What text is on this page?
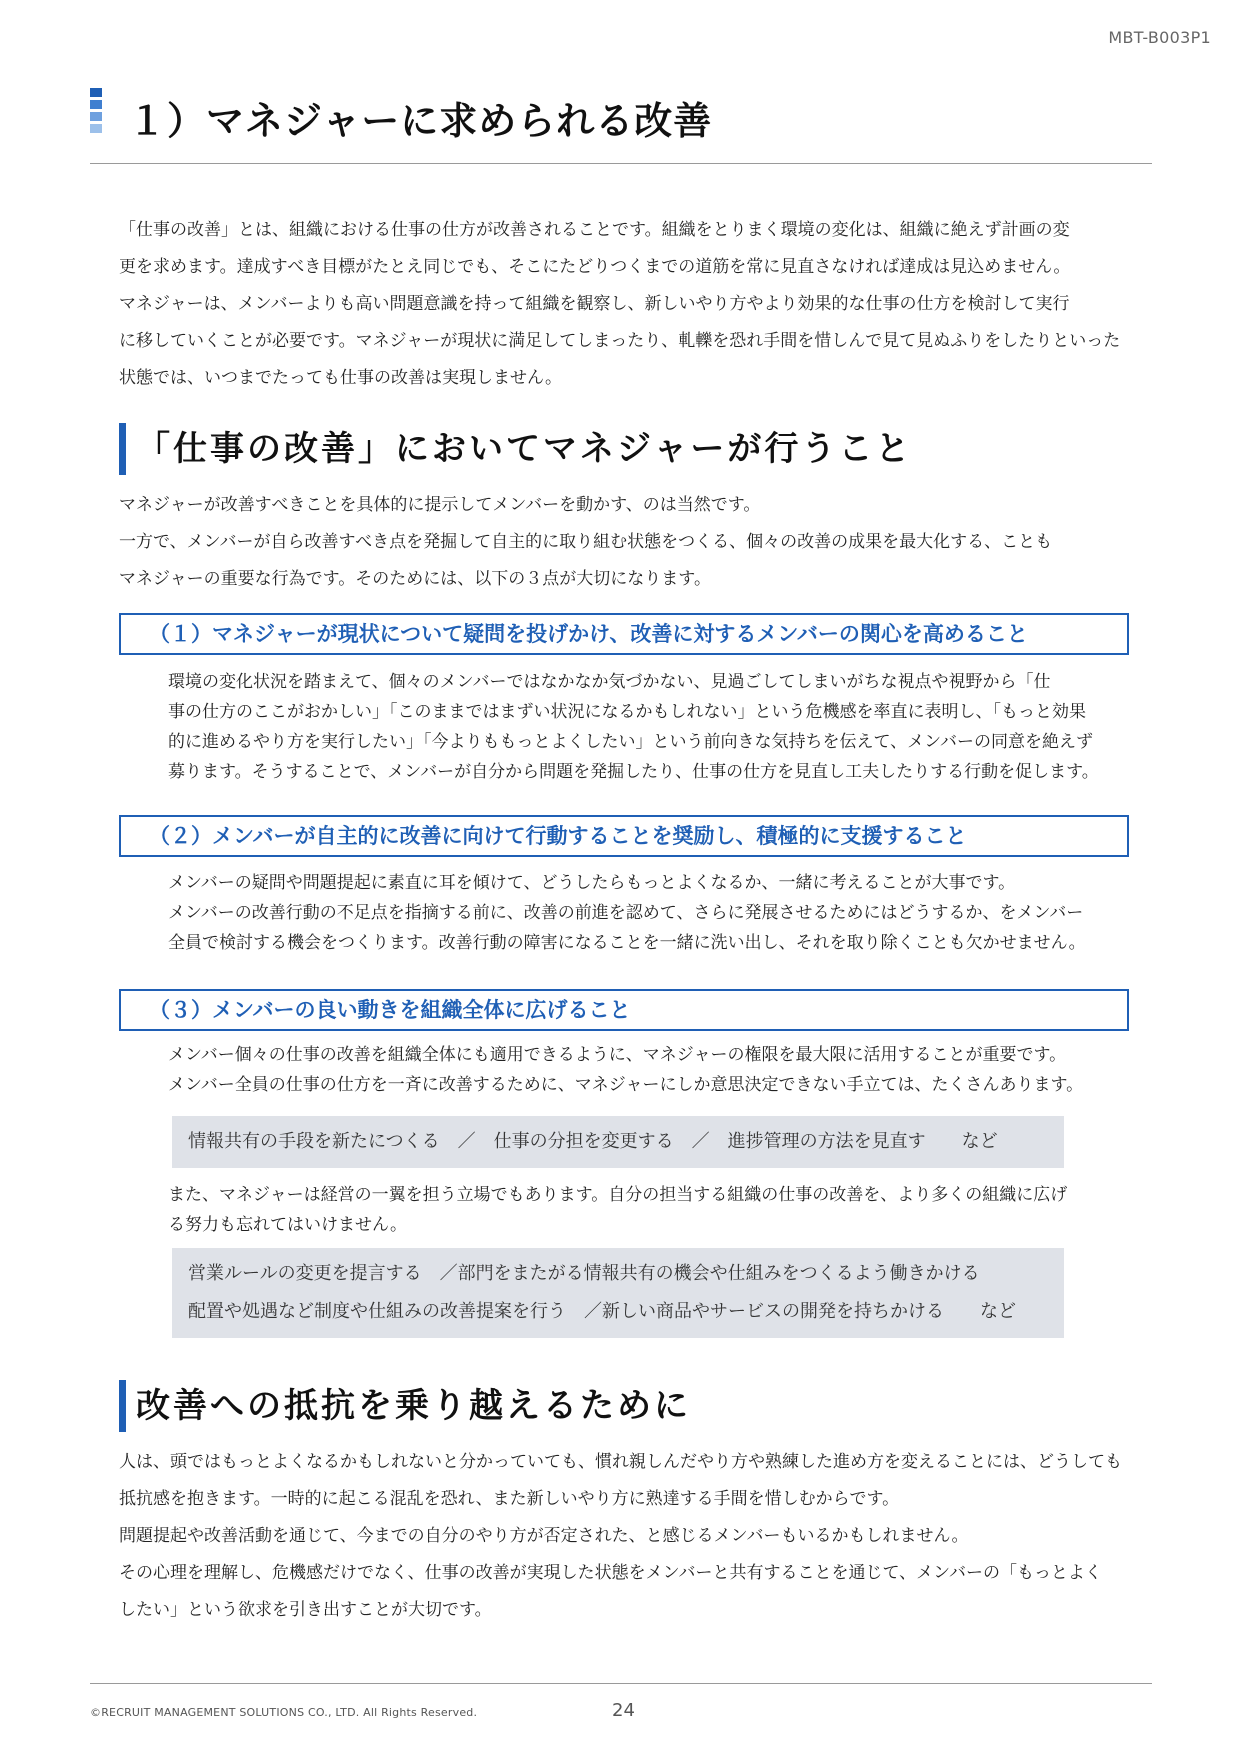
MBT-B003P1
１）マネジャーに求められる改善

「仕事の改善」とは、組織における仕事の仕方が改善されることです。組織をとりまく環境の変化は、組織に絶えず計画の変

更を求めます。達成すべき目標がたとえ同じでも、そこにたどりつくまでの道筋を常に見直さなければ達成は見込めません。

マネジャーは、メンバーよりも高い問題意識を持って組織を観察し、新しいやり方やより効果的な仕事の仕方を検討して実行

に移していくことが必要です。マネジャーが現状に満足してしまったり、軋轢を恐れ手間を惜しんで見て見ぬふりをしたりといった

状態では、いつまでたっても仕事の改善は実現しません。

「仕事の改善」においてマネジャーが行うこと

マネジャーが改善すべきことを具体的に提示してメンバーを動かす、のは当然です。

一方で、メンバーが自ら改善すべき点を発掘して自主的に取り組む状態をつくる、個々の改善の成果を最大化する、ことも

マネジャーの重要な行為です。そのためには、以下の３点が大切になります。

（１）マネジャーが現状について疑問を投げかけ、改善に対するメンバーの関心を高めること

環境の変化状況を踏まえて、個々のメンバーではなかなか気づかない、見過ごしてしまいがちな視点や視野から「仕

事の仕方のここがおかしい」「このままではまずい状況になるかもしれない」という危機感を率直に表明し、「もっと効果

的に進めるやり方を実行したい」「今よりももっとよくしたい」という前向きな気持ちを伝えて、メンバーの同意を絶えず

募ります。そうすることで、メンバーが自分から問題を発掘したり、仕事の仕方を見直し工夫したりする行動を促します。

（２）メンバーが自主的に改善に向けて行動することを奨励し、積極的に支援すること

メンバーの疑問や問題提起に素直に耳を傾けて、どうしたらもっとよくなるか、一緒に考えることが大事です。

メンバーの改善行動の不足点を指摘する前に、改善の前進を認めて、さらに発展させるためにはどうするか、をメンバー

全員で検討する機会をつくります。改善行動の障害になることを一緒に洗い出し、それを取り除くことも欠かせません。

（３）メンバーの良い動きを組織全体に広げること

メンバー個々の仕事の改善を組織全体にも適用できるように、マネジャーの権限を最大限に活用することが重要です。

メンバー全員の仕事の仕方を一斉に改善するために、マネジャーにしか意思決定できない手立ては、たくさんあります。

情報共有の手段を新たにつくる　／　仕事の分担を変更する　／　進捗管理の方法を見直す　　など

また、マネジャーは経営の一翼を担う立場でもあります。自分の担当する組織の仕事の改善を、より多くの組織に広げ

る努力も忘れてはいけません。

営業ルールの変更を提言する　／部門をまたがる情報共有の機会や仕組みをつくるよう働きかける

配置や処遇など制度や仕組みの改善提案を行う　／新しい商品やサービスの開発を持ちかける　　など

改善への抵抗を乗り越えるために

人は、頭ではもっとよくなるかもしれないと分かっていても、慣れ親しんだやり方や熟練した進め方を変えることには、どうしても

抵抗感を抱きます。一時的に起こる混乱を恐れ、また新しいやり方に熟達する手間を惜しむからです。

問題提起や改善活動を通じて、今までの自分のやり方が否定された、と感じるメンバーもいるかもしれません。

その心理を理解し、危機感だけでなく、仕事の改善が実現した状態をメンバーと共有することを通じて、メンバーの「もっとよく

したい」という欲求を引き出すことが大切です。

©RECRUIT MANAGEMENT SOLUTIONS CO., LTD. All Rights Reserved.	24
